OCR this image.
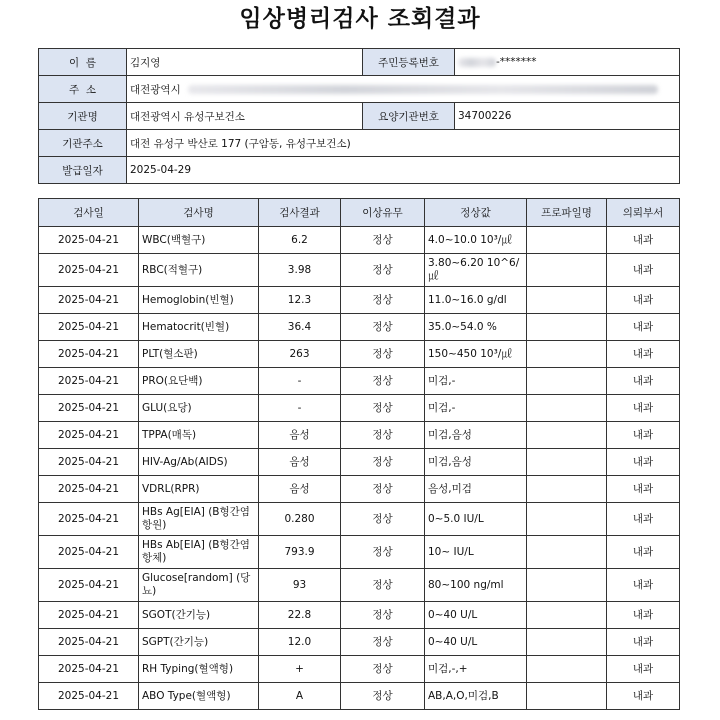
임상병리검사 조회결과
이  름	김지영	주민등록번호	-*******
주  소	대전광역시		
기관명	대전광역시 유성구보건소	요양기관번호	34700226
기관주소	대전 유성구 박산로 177 (구암동, 유성구보건소)		
발급일자	2025-04-29		
검사일	검사명	검사결과	이상유무	정상값	프로파일명	의뢰부서
2025-04-21	WBC(백혈구)	6.2	정상	4.0~10.0 10³/㎕		내과
2025-04-21	RBC(적혈구)	3.98	정상	3.80~6.20 10^6/㎕		내과
2025-04-21	Hemoglobin(빈혈)	12.3	정상	11.0~16.0 g/dl		내과
2025-04-21	Hematocrit(빈혈)	36.4	정상	35.0~54.0 %		내과
2025-04-21	PLT(혈소판)	263	정상	150~450 10³/㎕		내과
2025-04-21	PRO(요단백)	-	정상	미검,-		내과
2025-04-21	GLU(요당)	-	정상	미검,-		내과
2025-04-21	TPPA(매독)	음성	정상	미검,음성		내과
2025-04-21	HIV-Ag/Ab(AIDS)	음성	정상	미검,음성		내과
2025-04-21	VDRL(RPR)	음성	정상	음성,미검		내과
2025-04-21	HBs Ag[EIA] (B형간염항원)	0.280	정상	0~5.0 IU/L		내과
2025-04-21	HBs Ab[EIA] (B형간염항체)	793.9	정상	10~ IU/L		내과
2025-04-21	Glucose[random] (당뇨)	93	정상	80~100 ng/ml		내과
2025-04-21	SGOT(간기능)	22.8	정상	0~40 U/L		내과
2025-04-21	SGPT(간기능)	12.0	정상	0~40 U/L		내과
2025-04-21	RH Typing(혈액형)	+	정상	미검,-,+		내과
2025-04-21	ABO Type(혈액형)	A	정상	AB,A,O,미검,B		내과
